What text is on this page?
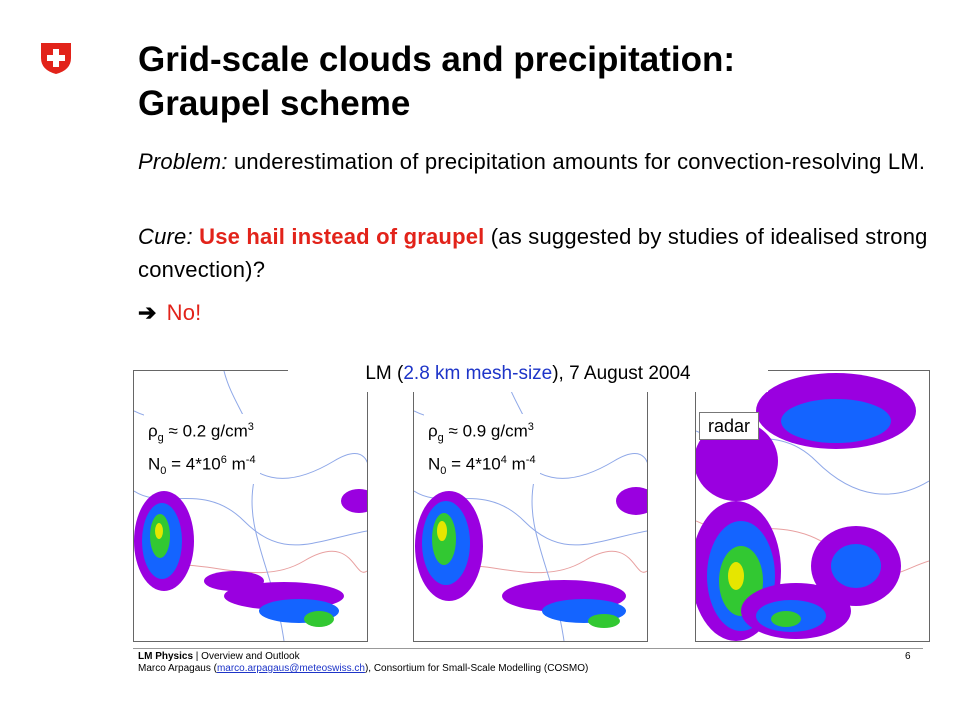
Grid-scale clouds and precipitation:
Graupel scheme
Problem: underestimation of precipitation amounts for convection-resolving LM.
Cure: Use hail instead of graupel (as suggested by studies of idealised strong convection)?
➔ No!
LM (2.8 km mesh-size), 7 August 2004
$\rho_g \approx 0.2$ $g/cm^3$
$N_0 = 4*10^6$ $m^{-4}$
$\rho_g \approx 0.9$ $g/cm^3$
$N_0 = 4*10^4$ $m^{-4}$
radar
LM Physics | Overview and Outlook
Marco Arpagaus (marco.arpagaus@meteoswiss.ch), Consortium for Small-Scale Modelling (COSMO)
6
